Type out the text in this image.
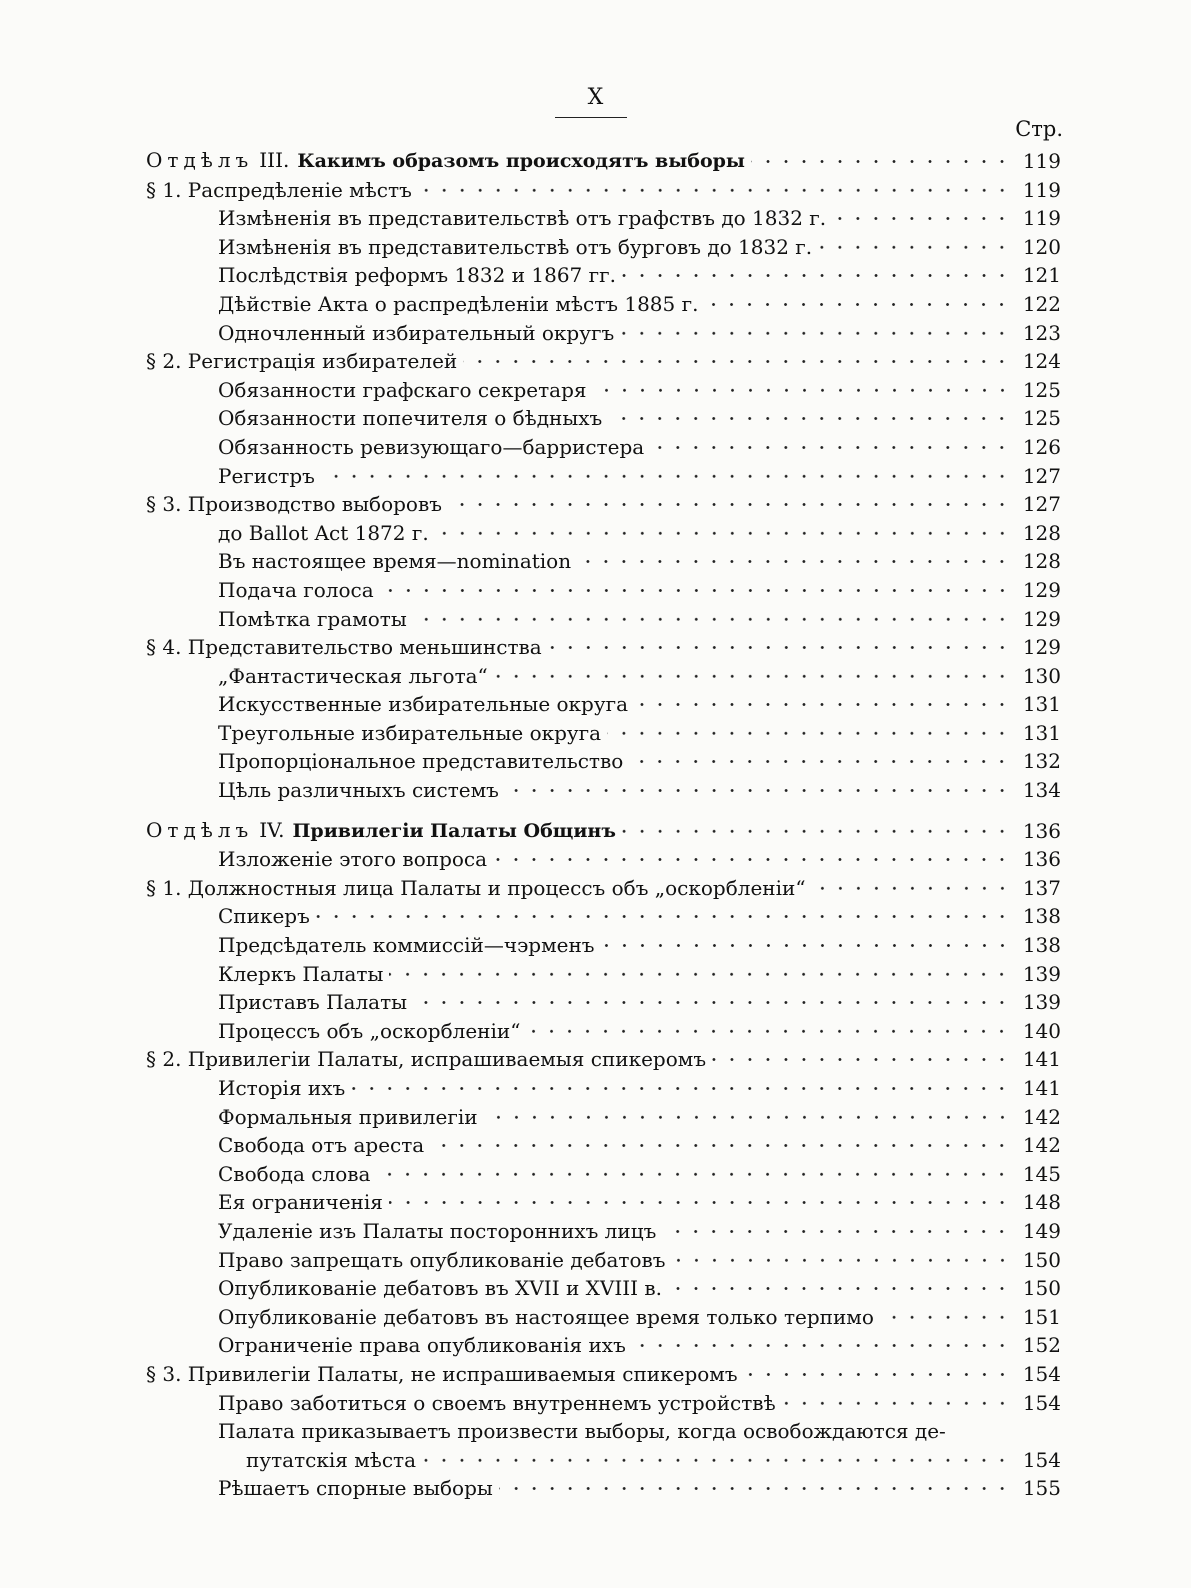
X
Стр.
Отдѣлъ III. Какимъ образомъ происходятъ выборы	119
§ 1. Распредѣленіе мѣстъ	119
Измѣненія въ представительствѣ отъ графствъ до 1832 г.	119
Измѣненія въ представительствѣ отъ бурговъ до 1832 г.	120
Послѣдствія реформъ 1832 и 1867 гг.	121
Дѣйствіе Акта о распредѣленіи мѣстъ 1885 г.	122
Одночленный избирательный округъ	123
§ 2. Регистрація избирателей	124
Обязанности графскаго секретаря	125
Обязанности попечителя о бѣдныхъ	125
Обязанность ревизующаго—барристера	126
Регистръ	127
§ 3. Производство выборовъ	127
до Ballot Act 1872 г.	128
Въ настоящее время—nomination	128
Подача голоса	129
Помѣтка грамоты	129
§ 4. Представительство меньшинства	129
„Фантастическая льгота“	130
Искусственные избирательные округа	131
Треугольные избирательные округа	131
Пропорціональное представительство	132
Цѣль различныхъ системъ	134
Отдѣлъ IV. Привилегіи Палаты Общинъ	136
Изложеніе этого вопроса	136
§ 1. Должностныя лица Палаты и процессъ объ „оскорбленіи“	137
Спикеръ	138
Предсѣдатель коммиссій—чэрменъ	138
Клеркъ Палаты	139
Приставъ Палаты	139
Процессъ объ „оскорбленіи“	140
§ 2. Привилегіи Палаты, испрашиваемыя спикеромъ	141
Исторія ихъ	141
Формальныя привилегіи	142
Свобода отъ ареста	142
Свобода слова	145
Ея ограниченія	148
Удаленіе изъ Палаты постороннихъ лицъ	149
Право запрещать опубликованіе дебатовъ	150
Опубликованіе дебатовъ въ XVII и XVIII в.	150
Опубликованіе дебатовъ въ настоящее время только терпимо	151
Ограниченіе права опубликованія ихъ	152
§ 3. Привилегіи Палаты, не испрашиваемыя спикеромъ	154
Право заботиться о своемъ внутреннемъ устройствѣ	154
Палата приказываетъ произвести выборы, когда освобождаются де-
путатскія мѣста	154
Рѣшаетъ спорные выборы	155
